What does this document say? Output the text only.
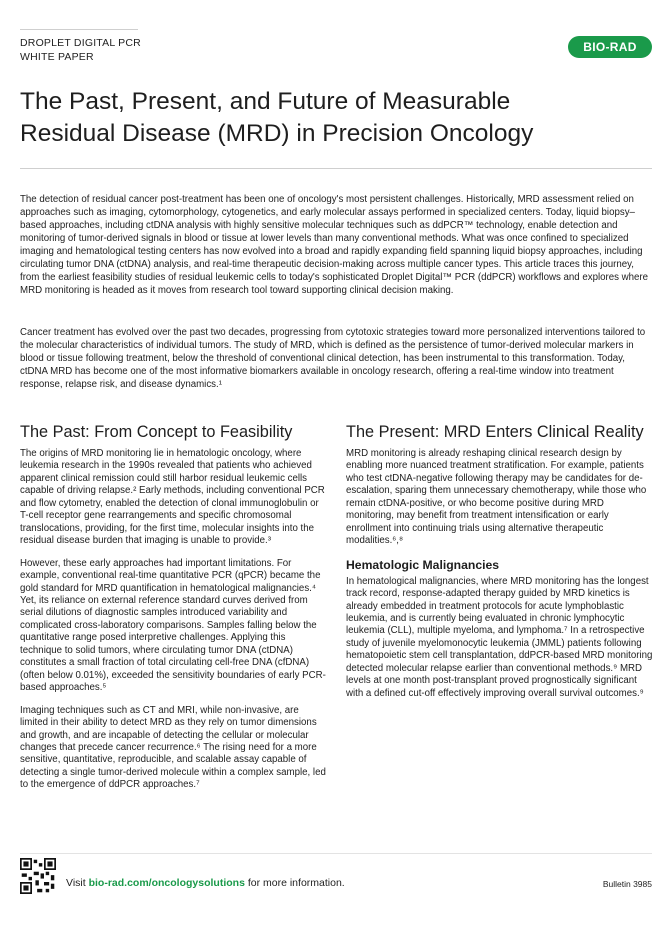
DROPLET DIGITAL PCR
WHITE PAPER
BIO-RAD
The Past, Present, and Future of Measurable
Residual Disease (MRD) in Precision Oncology

The detection of residual cancer post-treatment has been one of oncology's most persistent challenges. Historically, MRD assessment relied on approaches such as imaging, cytomorphology, cytogenetics, and early molecular assays performed in specialized centers. Today, liquid biopsy–based approaches, including ctDNA analysis with highly sensitive molecular techniques such as ddPCR™ technology, enable detection and monitoring of tumor-derived signals in blood or tissue at lower levels than many conventional methods. What was once confined to specialized imaging and hematological testing centers has now evolved into a broad and rapidly expanding field spanning liquid biopsy approaches, including circulating tumor DNA (ctDNA) analysis, and real-time therapeutic decision-making across multiple cancer types. This article traces this journey, from the earliest feasibility studies of residual leukemic cells to today's sophisticated Droplet Digital™ PCR (ddPCR) workflows and explores where MRD monitoring is headed as it moves from research tool toward supporting clinical decision making.

Cancer treatment has evolved over the past two decades, progressing from cytotoxic strategies toward more personalized interventions tailored to the molecular characteristics of individual tumors. The study of MRD, which is defined as the persistence of tumor-derived molecular markers in blood or tissue following treatment, below the threshold of conventional clinical detection, has been instrumental to this transformation. Today, ctDNA MRD has become one of the most informative biomarkers available in oncology research, offering a real-time window into treatment response, relapse risk, and disease dynamics.¹

The Past: From Concept to Feasibility

The origins of MRD monitoring lie in hematologic oncology, where leukemia research in the 1990s revealed that patients who achieved apparent clinical remission could still harbor residual leukemic cells capable of driving relapse.² Early methods, including conventional PCR and flow cytometry, enabled the detection of clonal immunoglobulin or T-cell receptor gene rearrangements and specific chromosomal translocations, providing, for the first time, molecular insights into the residual disease burden that imaging is unable to provide.³

However, these early approaches had important limitations. For example, conventional real-time quantitative PCR (qPCR) became the gold standard for MRD quantification in hematological malignancies.⁴ Yet, its reliance on external reference standard curves derived from serial dilutions of diagnostic samples introduced variability and complicated cross-laboratory comparisons. Samples falling below the quantitative range posed interpretive challenges. Applying this technique to solid tumors, where circulating tumor DNA (ctDNA) constitutes a small fraction of total circulating cell-free DNA (cfDNA) (often below 0.01%), exceeded the sensitivity boundaries of early PCR-based approaches.⁵

Imaging techniques such as CT and MRI, while non-invasive, are limited in their ability to detect MRD as they rely on tumor dimensions and growth, and are incapable of detecting the cellular or molecular changes that precede cancer recurrence.⁶ The rising need for a more sensitive, quantitative, reproducible, and scalable assay capable of detecting a single tumor-derived molecule within a complex sample, led to the emergence of ddPCR approaches.⁷

The Present: MRD Enters Clinical Reality

MRD monitoring is already reshaping clinical research design by enabling more nuanced treatment stratification. For example, patients who test ctDNA-negative following therapy may be candidates for de-escalation, sparing them unnecessary chemotherapy, while those who remain ctDNA-positive, or who become positive during MRD monitoring, may benefit from treatment intensification or early enrollment into continuing trials using alternative therapeutic modalities.⁶,⁸

Hematologic Malignancies

In hematological malignancies, where MRD monitoring has the longest track record, response-adapted therapy guided by MRD kinetics is already embedded in treatment protocols for acute lymphoblastic leukemia, and is currently being evaluated in chronic lymphocytic leukemia (CLL), multiple myeloma, and lymphoma.⁷ In a retrospective study of juvenile myelomonocytic leukemia (JMML) patients following hematopoietic stem cell transplantation, ddPCR-based MRD monitoring detected molecular relapse earlier than conventional methods.⁹ MRD levels at one month post-transplant proved prognostically significant with a defined cut-off effectively improving overall survival outcomes.⁹

Visit bio-rad.com/oncologysolutions for more information.	Bulletin 3985
